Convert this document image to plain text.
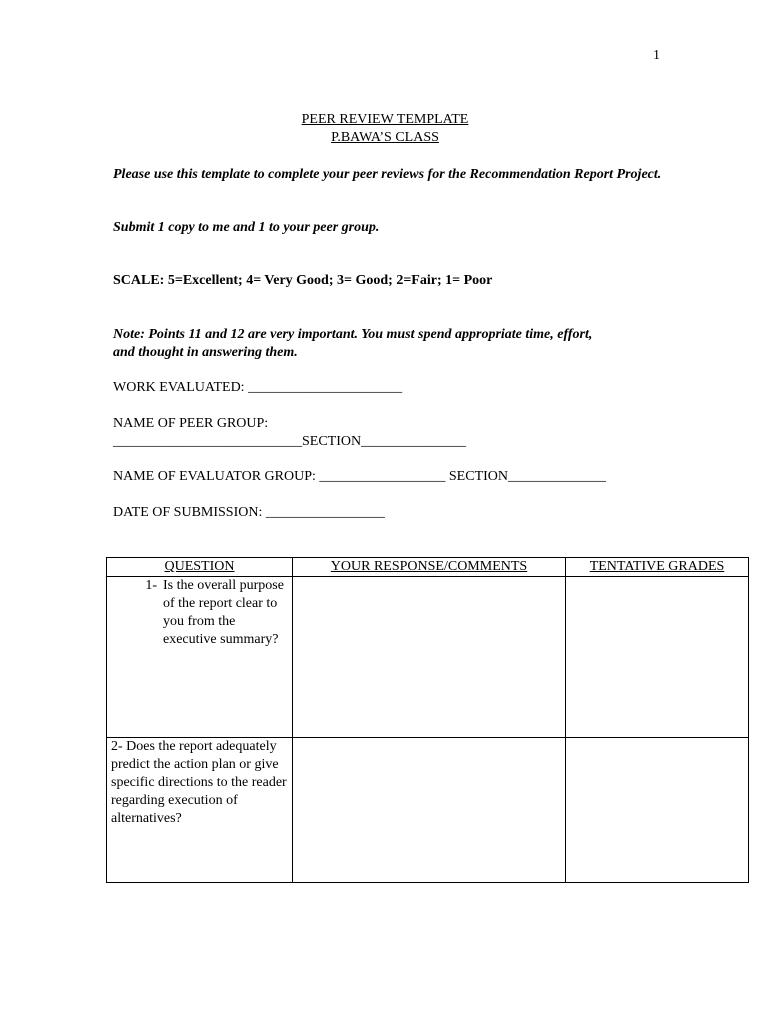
1
PEER REVIEW TEMPLATE
P.BAWA’S CLASS
Please use this template to complete your peer reviews for the Recommendation Report Project.
Submit 1 copy to me and 1 to your peer group.
SCALE: 5=Excellent; 4= Very Good; 3= Good; 2=Fair; 1= Poor
Note: Points 11 and 12 are very important. You must spend appropriate time, effort,
and thought in answering them.
WORK EVALUATED: ______________________
NAME OF PEER GROUP:
___________________________SECTION_______________
NAME OF EVALUATOR GROUP: __________________ SECTION______________
DATE OF SUBMISSION: _________________
QUESTION	YOUR RESPONSE/COMMENTS	TENTATIVE GRADES

1- Is the overall purpose of the report clear to you from the executive summary?		

2- Does the report adequately predict the action plan or give specific directions to the reader regarding execution of alternatives?		
